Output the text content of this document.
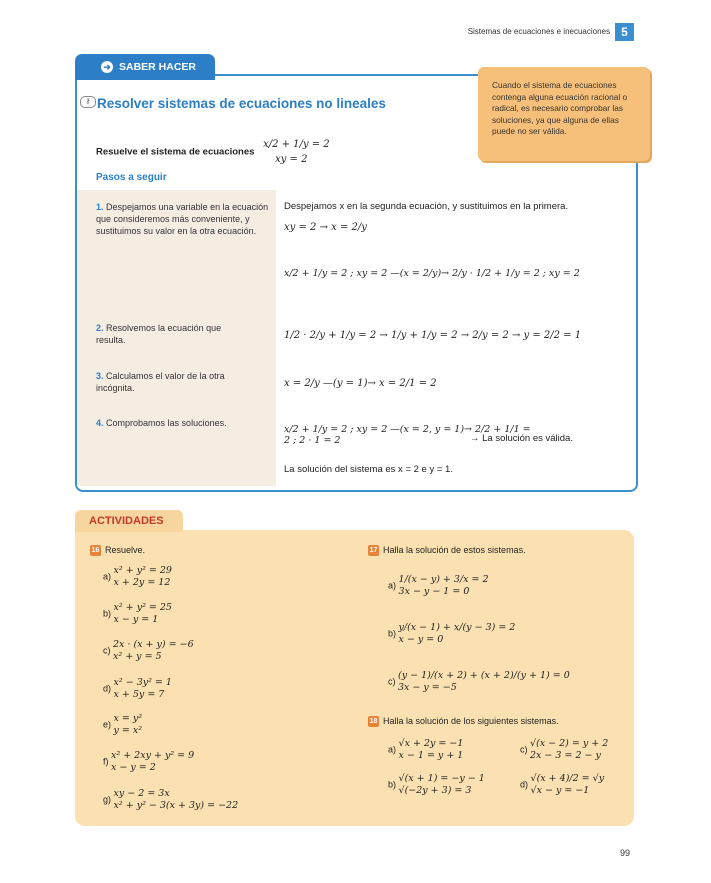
Sistemas de ecuaciones e inecuaciones 5
➜ SABER HACER
Cuando el sistema de ecuaciones contenga alguna ecuación racional o radical, es necesario comprobar las soluciones, ya que alguna de ellas puede no ser válida.
⚷ Resolver sistemas de ecuaciones no lineales
Resuelve el sistema de ecuaciones x/2 + 1/y = 2
xy = 2
Pasos a seguir
1. Despejamos una variable en la ecuación que consideremos más conveniente, y sustituimos su valor en la otra ecuación.
Despejamos x en la segunda ecuación, y sustituimos en la primera.
xy = 2 → x = 2/y
x/2 + 1/y = 2 ; xy = 2 —(x = 2/y)→ 2/y · 1/2 + 1/y = 2 ; xy = 2
2. Resolvemos la ecuación que resulta.	1/2 · 2/y + 1/y = 2 → 1/y + 1/y = 2 → 2/y = 2 → y = 2/2 = 1
3. Calculamos el valor de la otra incógnita.	x = 2/y —(y = 1)→ x = 2/1 = 2
4. Comprobamos las soluciones.
x/2 + 1/y = 2 ; xy = 2 —(x = 2, y = 1)→ 2/2 + 1/1 = 2 ; 2 · 1 = 2	→ La solución es válida.
La solución del sistema es x = 2 e y = 1.
ACTIVIDADES
16 Resuelve.
a) x² + y² = 29
x + 2y = 12
b) x² + y² = 25
x − y = 1
c) 2x · (x + y) = −6
x² + y = 5
d) x² − 3y² = 1
x + 5y = 7
e) x = y²
y = x²
f) x² + 2xy + y² = 9
x − y = 2
g) xy − 2 = 3x
x² + y² − 3(x + 3y) = −22
17 Halla la solución de estos sistemas.
a) 1/(x − y) + 3/x = 2
3x − y − 1 = 0
b) y/(x − 1) + x/(y − 3) = 2
x − y = 0
c) (y − 1)/(x + 2) + (x + 2)/(y + 1) = 0
3x − y = −5
18 Halla la solución de los siguientes sistemas.
a) √x + 2y = −1
x − 1 = y + 1
b) √(x + 1) = −y − 1
√(−2y + 3) = 3
c) √(x − 2) = y + 2
2x − 3 = 2 − y
d) √(x + 4)/2 = √y
√x − y = −1
99
